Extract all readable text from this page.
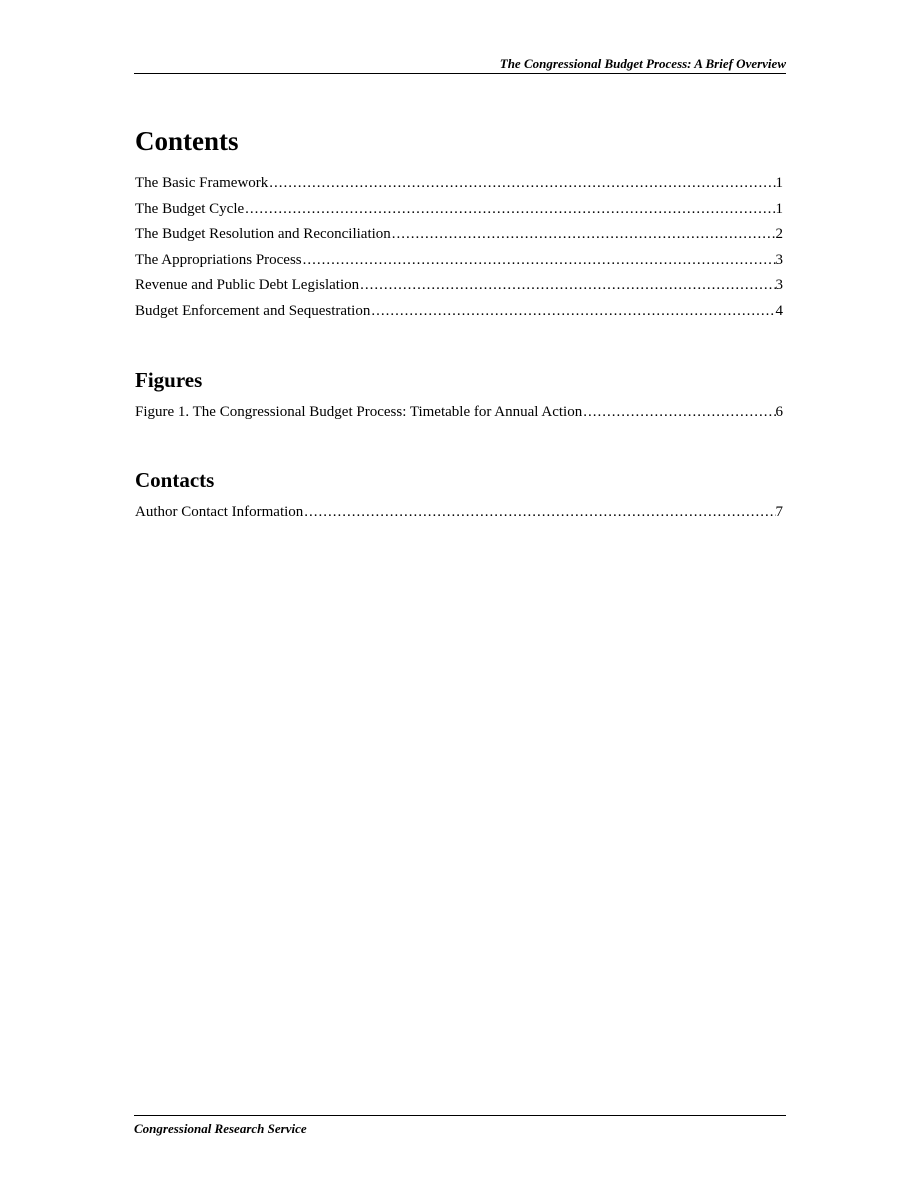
The Congressional Budget Process: A Brief Overview
Contents
The Basic Framework .....	1
The Budget Cycle .....	1
The Budget Resolution and Reconciliation .....	2
The Appropriations Process .....	3
Revenue and Public Debt Legislation .....	3
Budget Enforcement and Sequestration .....	4
Figures
Figure 1. The Congressional Budget Process: Timetable for Annual Action .....	6
Contacts
Author Contact Information .....	7
Congressional Research Service
